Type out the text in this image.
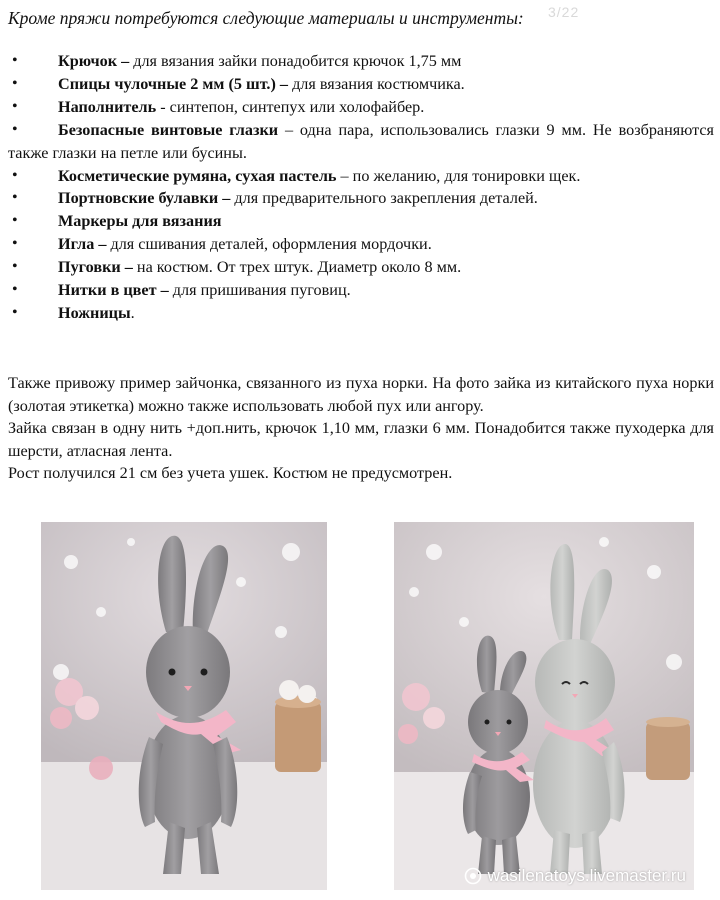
3/22

Кроме пряжи потребуются следующие материалы и инструменты:

• Крючок – для вязания зайки понадобится крючок 1,75 мм
• Спицы чулочные 2 мм (5 шт.) – для вязания костюмчика.
• Наполнитель - синтепон, синтепух или холофайбер.
• Безопасные винтовые глазки – одна пара, использовались глазки 9 мм. Не возбраняются также глазки на петле или бусины.
• Косметические румяна, сухая пастель – по желанию, для тонировки щек.
• Портновские булавки – для предварительного закрепления деталей.
• Маркеры для вязания
• Игла – для сшивания деталей, оформления мордочки.
• Пуговки – на костюм. От трех штук. Диаметр около 8 мм.
• Нитки в цвет – для пришивания пуговиц.
• Ножницы.

Также привожу пример зайчонка, связанного из пуха норки. На фото зайка из китайского пуха норки (золотая этикетка) можно также использовать любой пух или ангору.

Зайка связан в одну нить +доп.нить, крючок 1,10 мм, глазки 6 мм. Понадобится также пуходерка для шерсти, атласная лента.

Рост получился 21 см без учета ушек. Костюм не предусмотрен.

wasilenatoys.livemaster.ru
